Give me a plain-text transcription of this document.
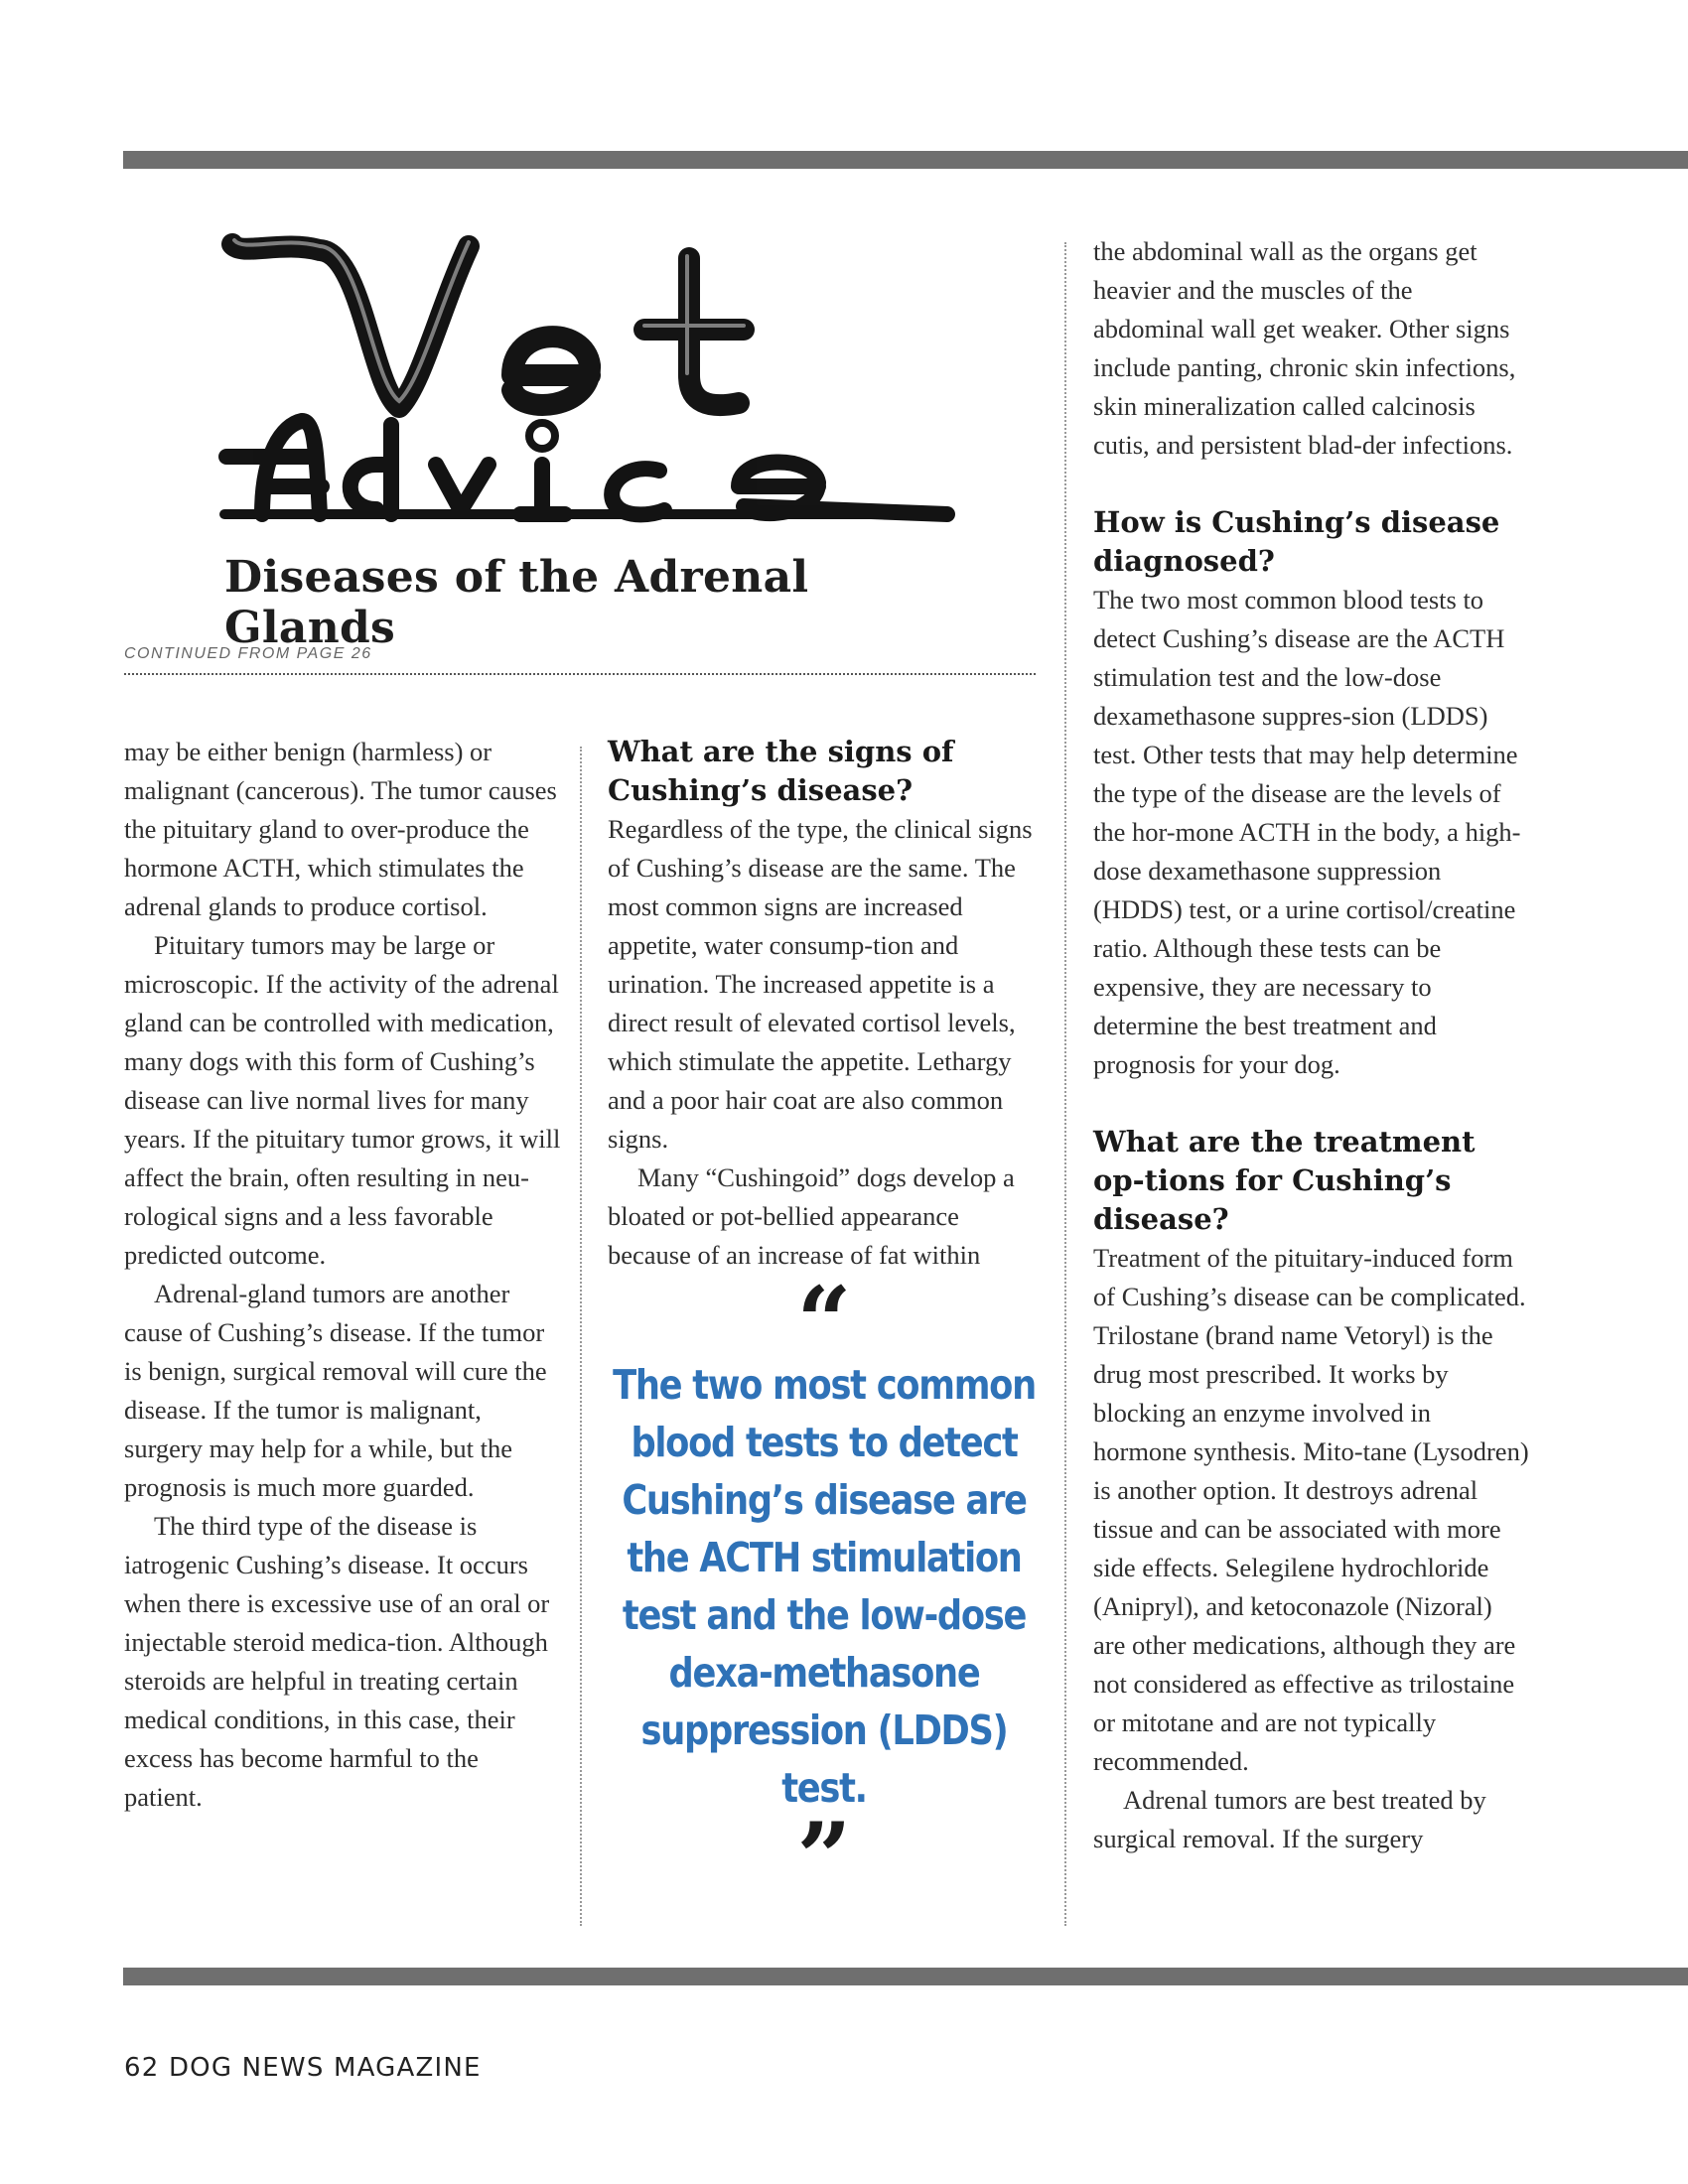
Diseases of the Adrenal Glands
CONTINUED FROM PAGE 26

may be either benign (harmless) or malignant (cancerous). The tumor causes the pituitary gland to over-produce the hormone ACTH, which stimulates the adrenal glands to produce cortisol.

Pituitary tumors may be large or microscopic. If the activity of the adrenal gland can be controlled with medication, many dogs with this form of Cushing’s disease can live normal lives for many years. If the pituitary tumor grows, it will affect the brain, often resulting in neu-rological signs and a less favorable predicted outcome.

Adrenal-gland tumors are another cause of Cushing’s disease. If the tumor is benign, surgical removal will cure the disease. If the tumor is malignant, surgery may help for a while, but the prognosis is much more guarded.

The third type of the disease is iatrogenic Cushing’s disease. It occurs when there is excessive use of an oral or injectable steroid medica-tion. Although steroids are helpful in treating certain medical conditions, in this case, their excess has become harmful to the patient.

What are the signs of Cushing’s disease?

Regardless of the type, the clinical signs of Cushing’s disease are the same. The most common signs are increased appetite, water consump-tion and urination. The increased appetite is a direct result of elevated cortisol levels, which stimulate the appetite. Lethargy and a poor hair coat are also common signs.

Many “Cushingoid” dogs develop a bloated or pot-bellied appearance because of an increase of fat within

“
The two most common blood tests to detect Cushing’s disease are the ACTH stimulation test and the low-dose dexa-methasone suppression (LDDS) test.
”

the abdominal wall as the organs get heavier and the muscles of the abdominal wall get weaker. Other signs include panting, chronic skin infections, skin mineralization called calcinosis cutis, and persistent blad-der infections.

How is Cushing’s disease diagnosed?

The two most common blood tests to detect Cushing’s disease are the ACTH stimulation test and the low-dose dexamethasone suppres-sion (LDDS) test. Other tests that may help determine the type of the disease are the levels of the hor-mone ACTH in the body, a high-dose dexamethasone suppression (HDDS) test, or a urine cortisol/creatine ratio. Although these tests can be expensive, they are necessary to determine the best treatment and prognosis for your dog.

What are the treatment op-tions for Cushing’s disease?

Treatment of the pituitary-induced form of Cushing’s disease can be complicated. Trilostane (brand name Vetoryl) is the drug most prescribed. It works by blocking an enzyme involved in hormone synthesis. Mito-tane (Lysodren) is another option. It destroys adrenal tissue and can be associated with more side effects. Selegilene hydrochloride (Anipryl), and ketoconazole (Nizoral) are other medications, although they are not considered as effective as trilostaine or mitotane and are not typically recommended.

Adrenal tumors are best treated by surgical removal. If the surgery

62 DOG NEWS MAGAZINE
